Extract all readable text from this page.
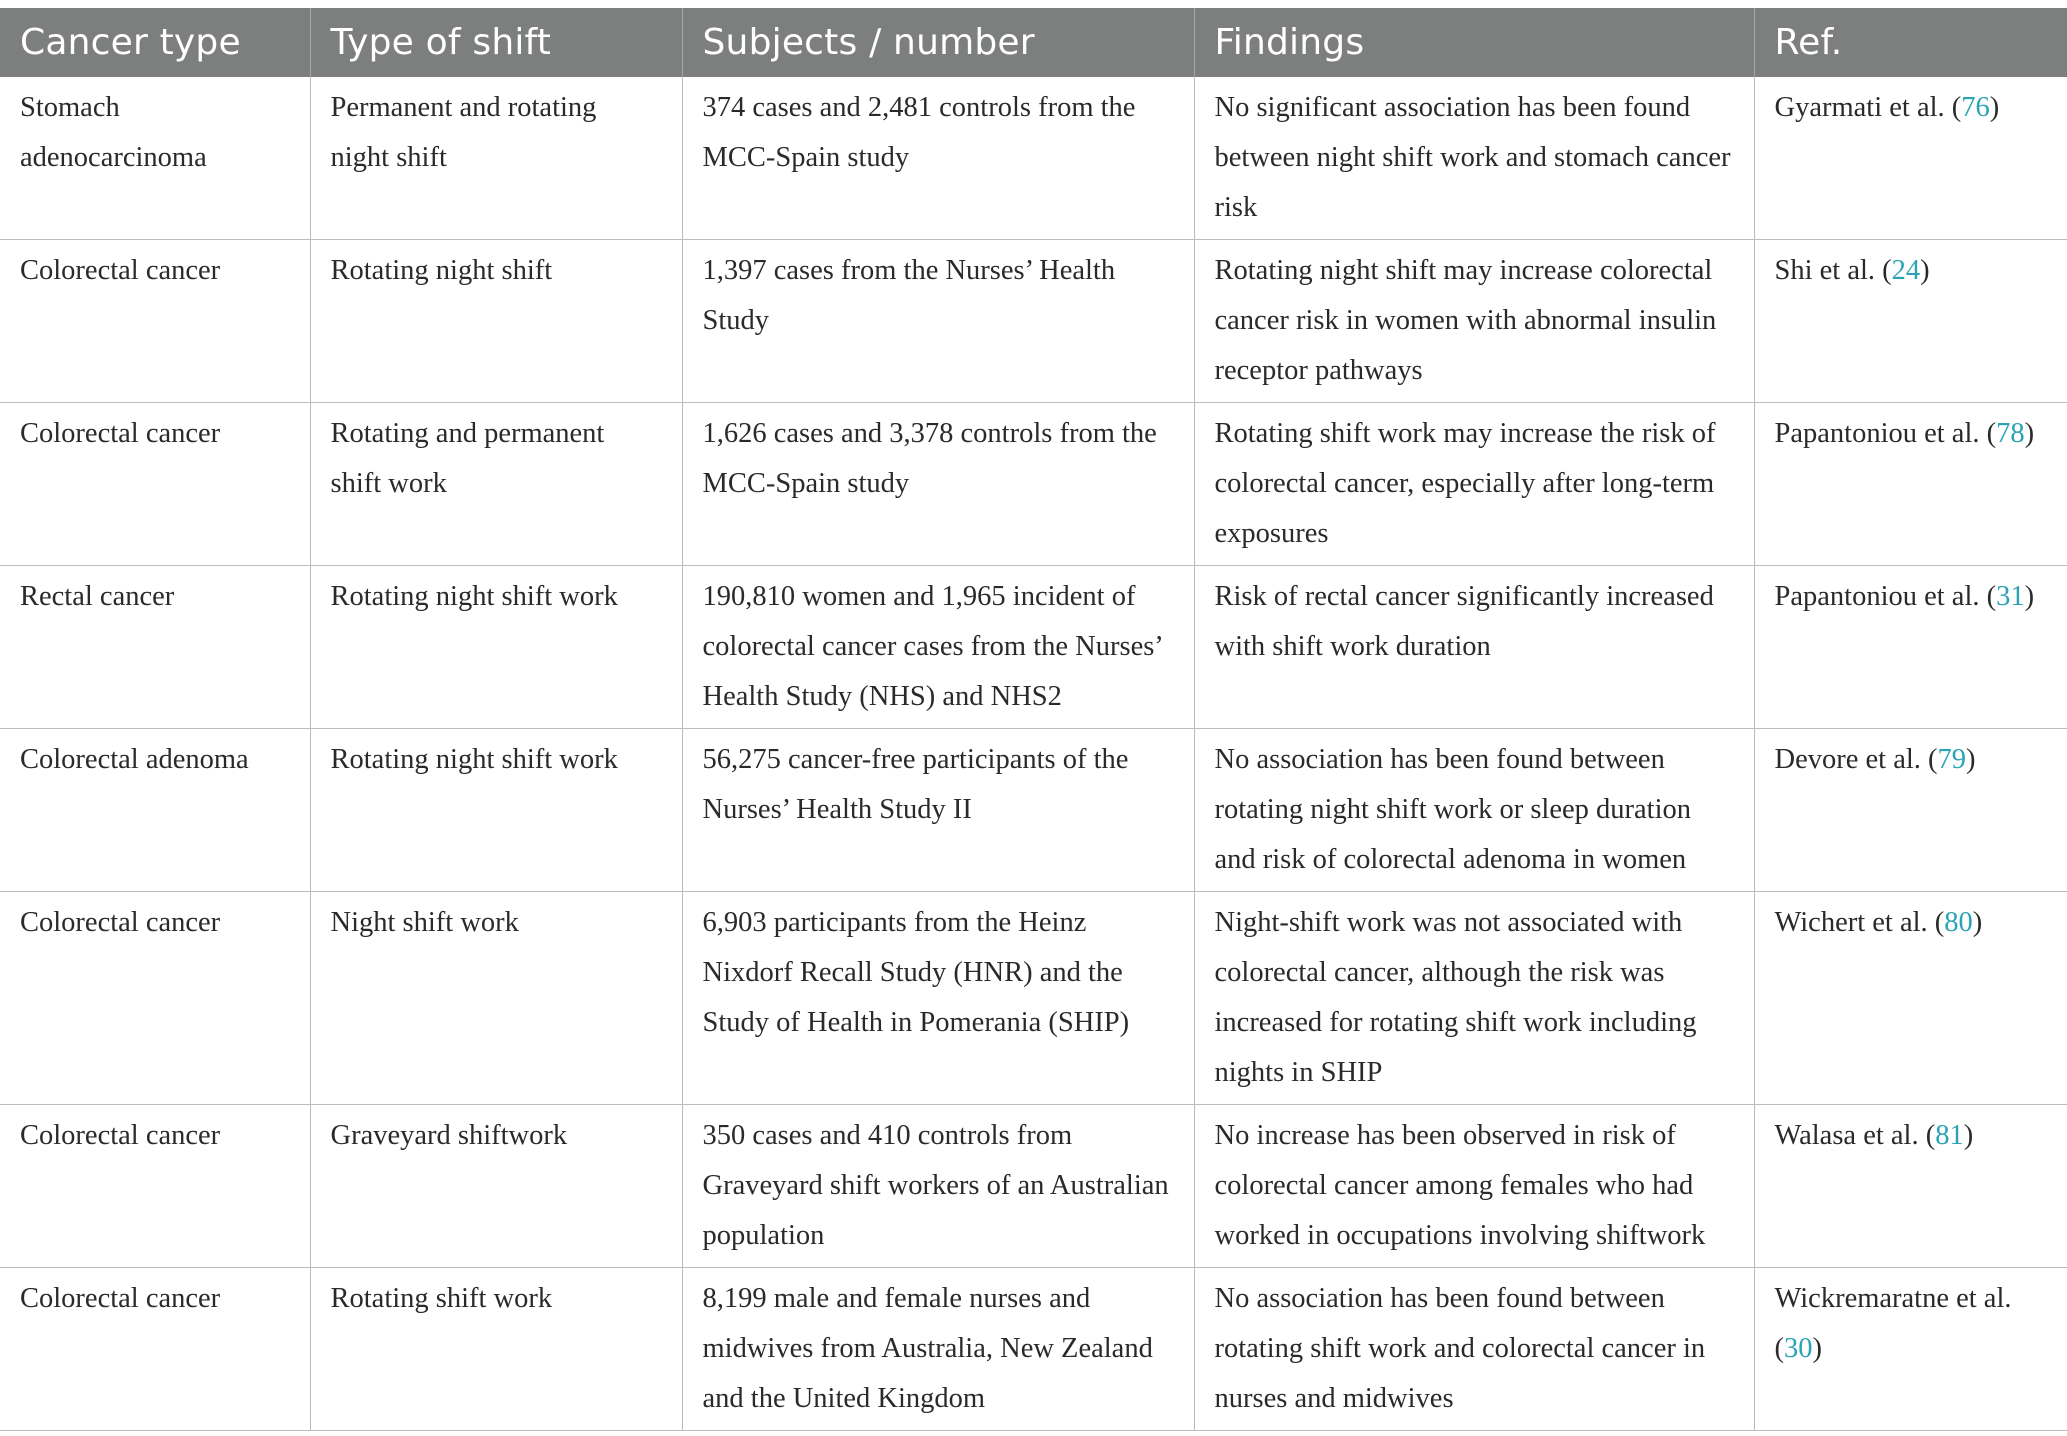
Cancer type	Type of shift	Subjects / number	Findings	Ref.
Stomach adenocarcinoma	Permanent and rotating night shift	374 cases and 2,481 controls from the MCC-Spain study	No significant association has been found between night shift work and stomach cancer risk	Gyarmati et al. (76)
Colorectal cancer	Rotating night shift	1,397 cases from the Nurses’ Health Study	Rotating night shift may increase colorectal cancer risk in women with abnormal insulin receptor pathways	Shi et al. (24)
Colorectal cancer	Rotating and permanent shift work	1,626 cases and 3,378 controls from the MCC-Spain study	Rotating shift work may increase the risk of colorectal cancer, especially after long-term exposures	Papantoniou et al. (78)
Rectal cancer	Rotating night shift work	190,810 women and 1,965 incident of colorectal cancer cases from the Nurses’ Health Study (NHS) and NHS2	Risk of rectal cancer significantly increased with shift work duration	Papantoniou et al. (31)
Colorectal adenoma	Rotating night shift work	56,275 cancer-free participants of the Nurses’ Health Study II	No association has been found between rotating night shift work or sleep duration and risk of colorectal adenoma in women	Devore et al. (79)
Colorectal cancer	Night shift work	6,903 participants from the Heinz Nixdorf Recall Study (HNR) and the Study of Health in Pomerania (SHIP)	Night-shift work was not associated with colorectal cancer, although the risk was increased for rotating shift work including nights in SHIP	Wichert et al. (80)
Colorectal cancer	Graveyard shiftwork	350 cases and 410 controls from Graveyard shift workers of an Australian population	No increase has been observed in risk of colorectal cancer among females who had worked in occupations involving shiftwork	Walasa et al. (81)
Colorectal cancer	Rotating shift work	8,199 male and female nurses and midwives from Australia, New Zealand and the United Kingdom	No association has been found between rotating shift work and colorectal cancer in nurses and midwives	Wickremaratne et al. (30)
